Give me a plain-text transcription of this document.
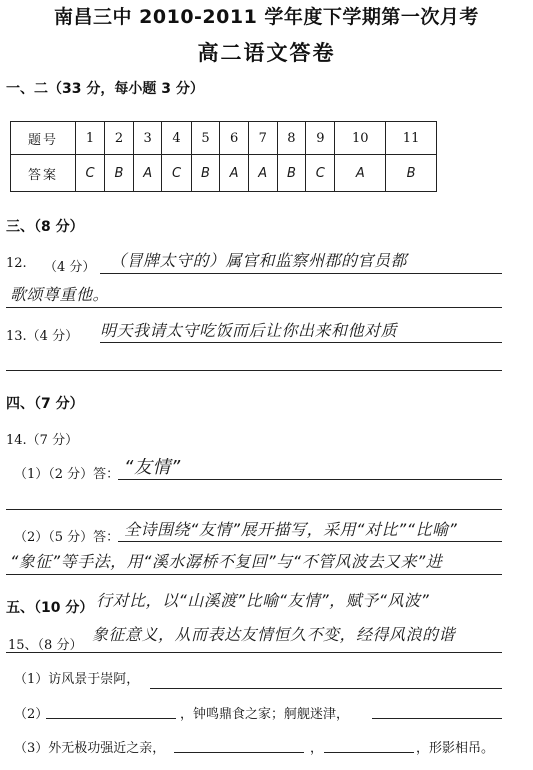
南昌三中 2010-2011 学年度下学期第一次月考
高二语文答卷
一、二（33 分，每小题 3 分）
题号	1	2	3	4	5	6	7	8	9	10	11
答案	C	B	A	C	B	A	A	B	C	A	B
三、（8 分）
12. （4 分） （冒牌太守的）属官和监察州郡的官员都
歌颂尊重他。
13.（4 分） 明天我请太守吃饭而后让你出来和他对质
四、（7 分）
14.（7 分）
（1）（2 分）答： “友情”
（2）（5 分）答： 全诗围绕“友情”展开描写，采用“对比”“比喻”
“象征”等手法，用“溪水潺桥不复回”与“不管风波去又来”进
五、（10 分） 行对比，以“山溪渡”比喻“友情”，赋予“风波”
15、（8 分）
象征意义，从而表达友情恒久不变，经得风浪的谐
（1）访风景于崇阿，
（2）	，钟鸣鼎食之家；舸舰迷津，
（3）外无极功强近之亲，	，	，形影相吊。
